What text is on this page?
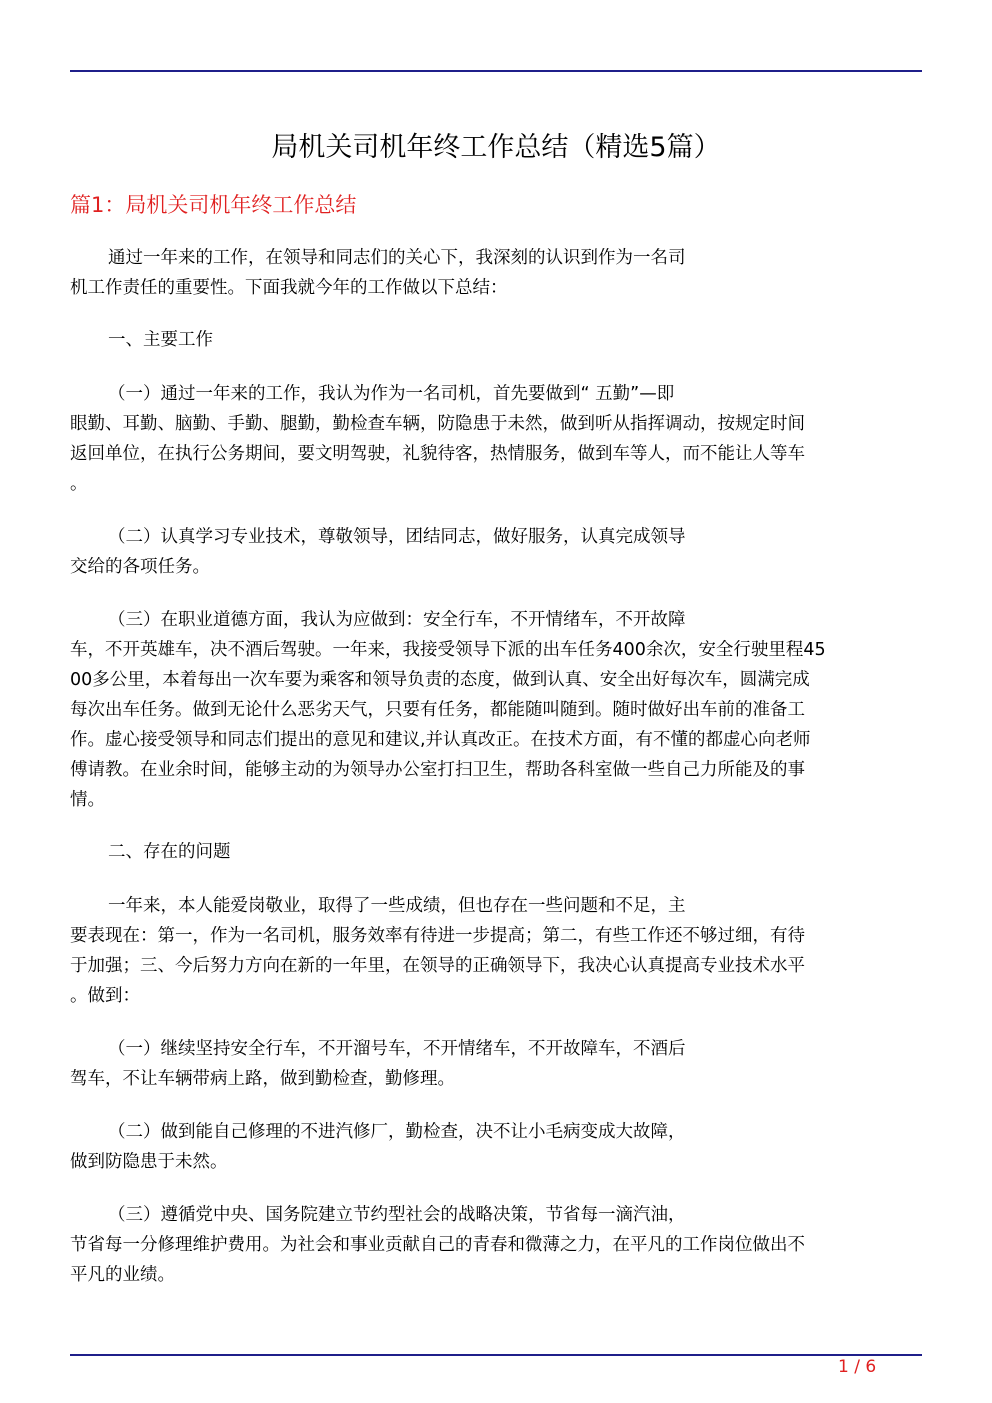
局机关司机年终工作总结（精选5篇）
篇1：局机关司机年终工作总结

通过一年来的工作，在领导和同志们的关心下，我深刻的认识到作为一名司
机工作责任的重要性。下面我就今年的工作做以下总结：

一、主要工作

（一）通过一年来的工作，我认为作为一名司机，首先要做到“ 五勤”—即
眼勤、耳勤、脑勤、手勤、腿勤，勤检查车辆，防隐患于未然，做到听从指挥调动，按规定时间
返回单位，在执行公务期间，要文明驾驶，礼貌待客，热情服务，做到车等人，而不能让人等车
。

（二）认真学习专业技术，尊敬领导，团结同志，做好服务，认真完成领导
交给的各项任务。

（三）在职业道德方面，我认为应做到：安全行车，不开情绪车，不开故障
车，不开英雄车，决不酒后驾驶。一年来，我接受领导下派的出车任务400余次，安全行驶里程45
00多公里，本着每出一次车要为乘客和领导负责的态度，做到认真、安全出好每次车，圆满完成
每次出车任务。做到无论什么恶劣天气，只要有任务，都能随叫随到。随时做好出车前的准备工
作。虚心接受领导和同志们提出的意见和建议,并认真改正。在技术方面，有不懂的都虚心向老师
傅请教。在业余时间，能够主动的为领导办公室打扫卫生，帮助各科室做一些自己力所能及的事
情。

二、存在的问题

一年来，本人能爱岗敬业，取得了一些成绩，但也存在一些问题和不足，主
要表现在：第一，作为一名司机，服务效率有待进一步提高；第二，有些工作还不够过细，有待
于加强；三、今后努力方向在新的一年里，在领导的正确领导下，我决心认真提高专业技术水平
。做到：

（一）继续坚持安全行车，不开溜号车，不开情绪车，不开故障车，不酒后
驾车，不让车辆带病上路，做到勤检查，勤修理。

（二）做到能自己修理的不进汽修厂，勤检查，决不让小毛病变成大故障，
做到防隐患于未然。

（三）遵循党中央、国务院建立节约型社会的战略决策，节省每一滴汽油，
节省每一分修理维护费用。为社会和事业贡献自己的青春和微薄之力，在平凡的工作岗位做出不
平凡的业绩。

1 / 6
